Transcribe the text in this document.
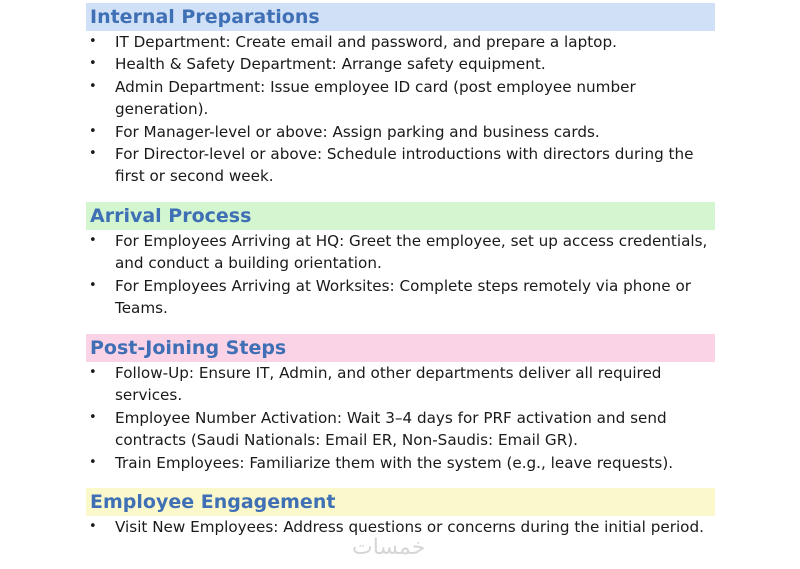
Internal Preparations
• IT Department: Create email and password, and prepare a laptop.
• Health & Safety Department: Arrange safety equipment.
• Admin Department: Issue employee ID card (post employee number generation).
• For Manager-level or above: Assign parking and business cards.
• For Director-level or above: Schedule introductions with directors during the first or second week.
Arrival Process
• For Employees Arriving at HQ: Greet the employee, set up access credentials, and conduct a building orientation.
• For Employees Arriving at Worksites: Complete steps remotely via phone or Teams.
Post-Joining Steps
• Follow-Up: Ensure IT, Admin, and other departments deliver all required services.
• Employee Number Activation: Wait 3–4 days for PRF activation and send contracts (Saudi Nationals: Email ER, Non-Saudis: Email GR).
• Train Employees: Familiarize them with the system (e.g., leave requests).
Employee Engagement
• Visit New Employees: Address questions or concerns during the initial period.
خمسات
